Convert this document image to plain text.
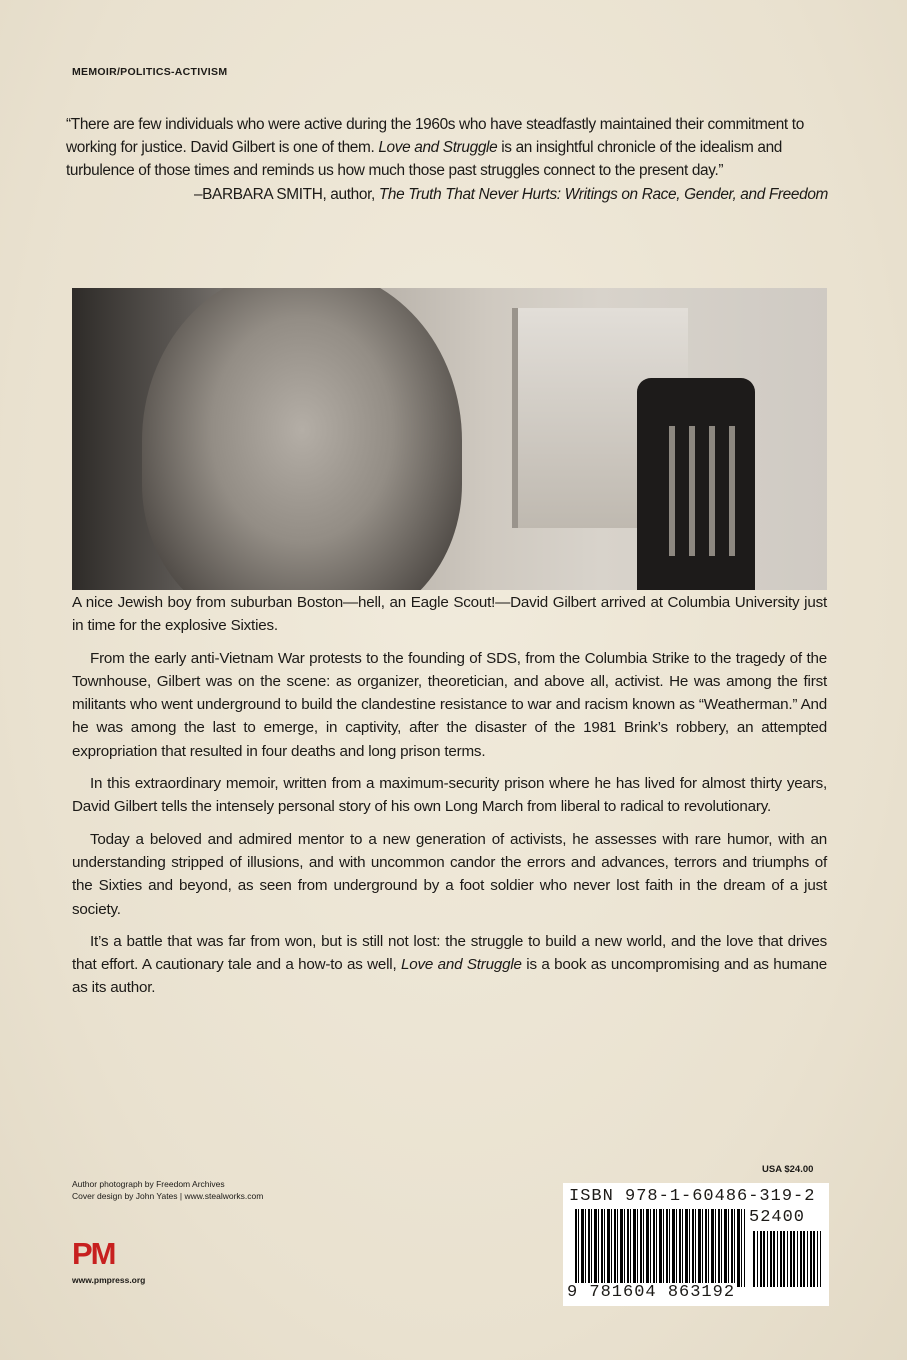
MEMOIR/POLITICS-ACTIVISM

“There are few individuals who were active during the 1960s who have steadfastly maintained their commitment to working for justice. David Gilbert is one of them. Love and Struggle is an insightful chronicle of the idealism and turbulence of those times and reminds us how much those past struggles connect to the present day.”

–BARBARA SMITH, author, The Truth That Never Hurts: Writings on Race, Gender, and Freedom

A nice Jewish boy from suburban Boston—hell, an Eagle Scout!—David Gilbert arrived at Columbia University just in time for the explosive Sixties.

From the early anti-Vietnam War protests to the founding of SDS, from the Columbia Strike to the tragedy of the Townhouse, Gilbert was on the scene: as organizer, theoretician, and above all, activist. He was among the first militants who went underground to build the clandestine resistance to war and racism known as “Weatherman.” And he was among the last to emerge, in captivity, after the disaster of the 1981 Brink’s robbery, an attempted expropriation that resulted in four deaths and long prison terms.

In this extraordinary memoir, written from a maximum-security prison where he has lived for almost thirty years, David Gilbert tells the intensely personal story of his own Long March from liberal to radical to revolutionary.

Today a beloved and admired mentor to a new generation of activists, he assesses with rare humor, with an understanding stripped of illusions, and with uncommon candor the errors and advances, terrors and triumphs of the Sixties and beyond, as seen from underground by a foot soldier who never lost faith in the dream of a just society.

It’s a battle that was far from won, but is still not lost: the struggle to build a new world, and the love that drives that effort. A cautionary tale and a how-to as well, Love and Struggle is a book as uncompromising and as humane as its author.

Author photograph by Freedom Archives
Cover design by John Yates | www.stealworks.com
PM
www.pmpress.org
USA $24.00
ISBN 978-1-60486-319-2
52400
9 781604 863192
